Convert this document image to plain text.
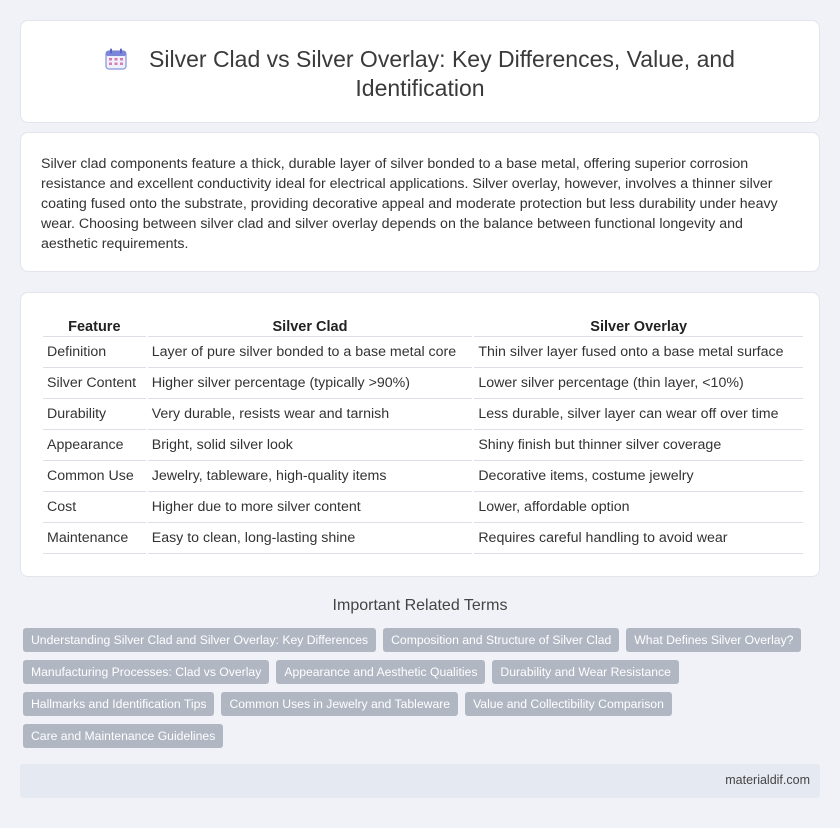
Silver Clad vs Silver Overlay: Key Differences, Value, and Identification

Silver clad components feature a thick, durable layer of silver bonded to a base metal, offering superior corrosion resistance and excellent conductivity ideal for electrical applications. Silver overlay, however, involves a thinner silver coating fused onto the substrate, providing decorative appeal and moderate protection but less durability under heavy wear. Choosing between silver clad and silver overlay depends on the balance between functional longevity and aesthetic requirements.

Feature		Silver Clad		Silver Overlay
Definition		Layer of pure silver bonded to a base metal core		Thin silver layer fused onto a base metal surface
Silver Content		Higher silver percentage (typically >90%)		Lower silver percentage (thin layer, <10%)
Durability		Very durable, resists wear and tarnish		Less durable, silver layer can wear off over time
Appearance		Bright, solid silver look		Shiny finish but thinner silver coverage
Common Use		Jewelry, tableware, high-quality items		Decorative items, costume jewelry
Cost		Higher due to more silver content		Lower, affordable option
Maintenance		Easy to clean, long-lasting shine		Requires careful handling to avoid wear
Important Related Terms
Understanding Silver Clad and Silver Overlay: Key Differences	Composition and Structure of Silver Clad	What Defines Silver Overlay?
Manufacturing Processes: Clad vs Overlay	Appearance and Aesthetic Qualities	Durability and Wear Resistance
Hallmarks and Identification Tips	Common Uses in Jewelry and Tableware	Value and Collectibility Comparison
Care and Maintenance Guidelines
materialdif.com
